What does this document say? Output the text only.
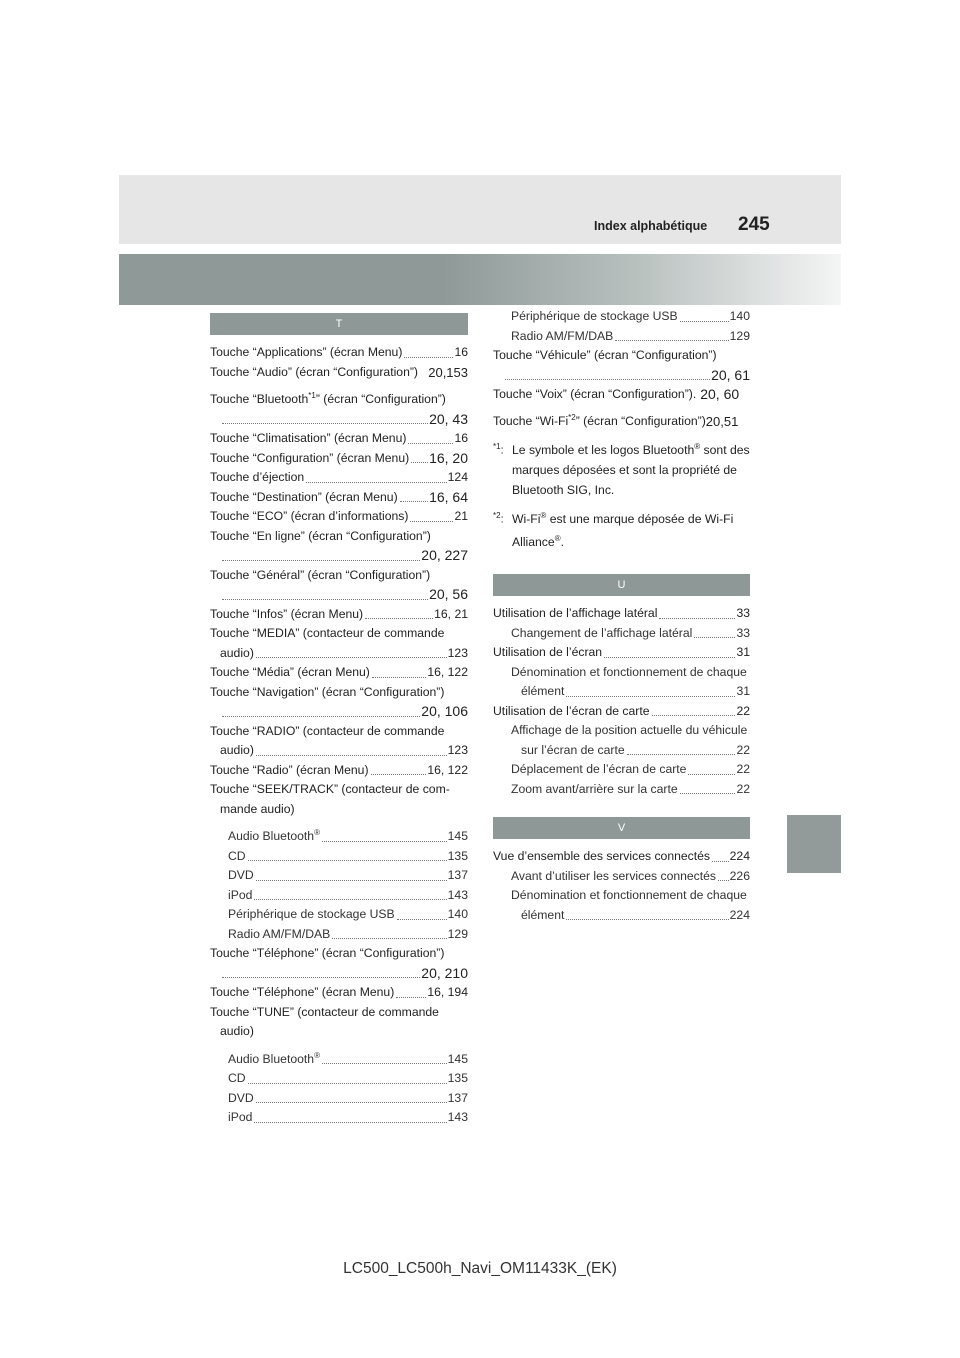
Index alphabétique 245
T
Touche “Applications” (écran Menu)	16
Touche “Audio” (écran “Configuration”) 20,153
Touche “Bluetooth$^{*1}$” (écran “Configuration”)
20, 43
Touche “Climatisation” (écran Menu)	16
Touche “Configuration” (écran Menu) 16, 20
Touche d’éjection	124
Touche “Destination” (écran Menu) 16, 64
Touche “ECO” (écran d’informations)	21
Touche “En ligne” (écran “Configuration”)
20, 227
Touche “Général” (écran “Configuration”)
20, 56
Touche “Infos” (écran Menu)	16, 21
Touche “MEDIA” (contacteur de commande
audio)	123
Touche “Média” (écran Menu)	16, 122
Touche “Navigation” (écran “Configuration”)
20, 106
Touche “RADIO” (contacteur de commande
audio)	123
Touche “Radio” (écran Menu)	16, 122
Touche “SEEK/TRACK” (contacteur de com-
mande audio)
Audio Bluetooth®	145
CD	135
DVD	137
iPod	143
Périphérique de stockage USB	140
Radio AM/FM/DAB	129
Touche “Téléphone” (écran “Configuration”)
20, 210
Touche “Téléphone” (écran Menu)	16, 194
Touche “TUNE” (contacteur de commande
audio)
Audio Bluetooth®	145
CD	135
DVD	137
iPod	143
Périphérique de stockage USB	140
Radio AM/FM/DAB	129
Touche “Véhicule” (écran “Configuration”)
20, 61
Touche “Voix” (écran “Configuration”). 20, 60
Touche “Wi-Fi$^{*2}$” (écran “Configuration”) 20,51
$^{*1}$: Le symbole et les logos Bluetooth® sont des marques déposées et sont la propriété de Bluetooth SIG, Inc.
$^{*2}$: Wi-Fi® est une marque déposée de Wi-Fi Alliance®.
U
Utilisation de l’affichage latéral	33
Changement de l’affichage latéral	33
Utilisation de l’écran	31
Dénomination et fonctionnement de chaque
élément	31
Utilisation de l’écran de carte	22
Affichage de la position actuelle du véhicule
sur l’écran de carte	22
Déplacement de l’écran de carte	22
Zoom avant/arrière sur la carte	22
V
Vue d’ensemble des services connectés 224
Avant d’utiliser les services connectés 226
Dénomination et fonctionnement de chaque
élément	224
LC500_LC500h_Navi_OM11433K_(EK)
